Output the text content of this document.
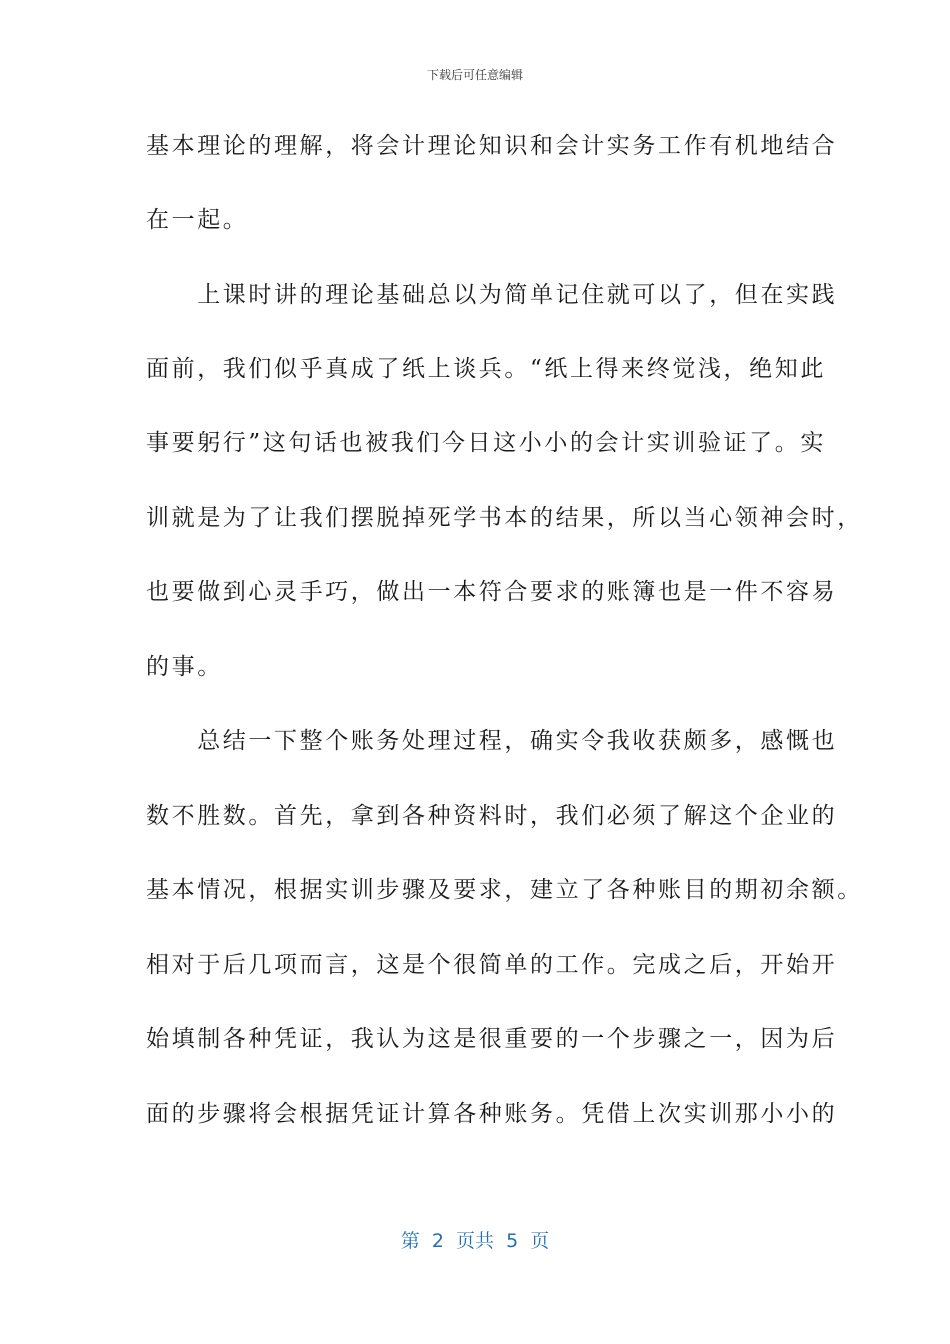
下载后可任意编辑
基本理论的理解，将会计理论知识和会计实务工作有机地结合
在一起。
　　上课时讲的理论基础总以为简单记住就可以了，但在实践
面前，我们似乎真成了纸上谈兵。“纸上得来终觉浅，绝知此
事要躬行”这句话也被我们今日这小小的会计实训验证了。实
训就是为了让我们摆脱掉死学书本的结果，所以当心领神会时，
也要做到心灵手巧，做出一本符合要求的账簿也是一件不容易
的事。
　　总结一下整个账务处理过程，确实令我收获颇多，感慨也
数不胜数。首先，拿到各种资料时，我们必须了解这个企业的
基本情况，根据实训步骤及要求，建立了各种账目的期初余额。
相对于后几项而言，这是个很简单的工作。完成之后，开始开
始填制各种凭证，我认为这是很重要的一个步骤之一，因为后
面的步骤将会根据凭证计算各种账务。凭借上次实训那小小的
第  2  页共  5  页
